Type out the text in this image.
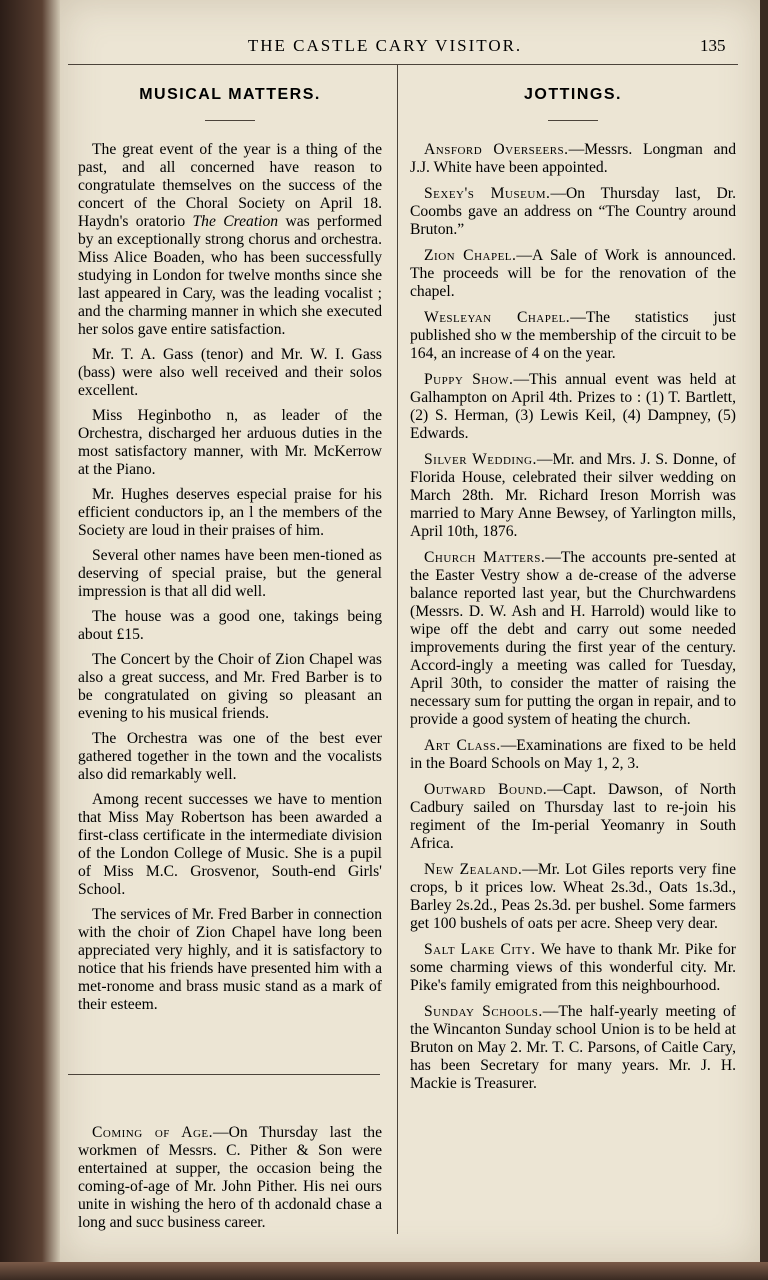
THE CASTLE CARY VISITOR.	135
MUSICAL MATTERS.

The great event of the year is a thing of the past, and all concerned have reason to congratulate themselves on the success of the concert of the Choral Society on April 18. Haydn's oratorio The Creation was performed by an exceptionally strong chorus and orchestra. Miss Alice Boaden, who has been successfully studying in London for twelve months since she last appeared in Cary, was the leading vocalist ; and the charming manner in which she executed her solos gave entire satisfaction.

Mr. T. A. Gass (tenor) and Mr. W. I. Gass (bass) were also well received and their solos excellent.

Miss Heginbotho n, as leader of the Orchestra, discharged her arduous duties in the most satisfactory manner, with Mr. McKerrow at the Piano.

Mr. Hughes deserves especial praise for his efficient conductors ip, an l the members of the Society are loud in their praises of him.

Several other names have been men-tioned as deserving of special praise, but the general impression is that all did well.

The house was a good one, takings being about £15.

The Concert by the Choir of Zion Chapel was also a great success, and Mr. Fred Barber is to be congratulated on giving so pleasant an evening to his musical friends.

The Orchestra was one of the best ever gathered together in the town and the vocalists also did remarkably well.

Among recent successes we have to mention that Miss May Robertson has been awarded a first-class certificate in the intermediate division of the London College of Music. She is a pupil of Miss M.C. Grosvenor, South-end Girls' School.

The services of Mr. Fred Barber in connection with the choir of Zion Chapel have long been appreciated very highly, and it is satisfactory to notice that his friends have presented him with a met-ronome and brass music stand as a mark of their esteem.

Coming of Age.—On Thursday last the workmen of Messrs. C. Pither & Son were entertained at supper, the occasion being the coming-of-age of Mr. John Pither. His nei ours unite in wishing the hero of th acdonald chase a long and succ business career.

JOTTINGS.

Ansford Overseers.—Messrs. Longman and J.J. White have been appointed.

Sexey's Museum.—On Thursday last, Dr. Coombs gave an address on “The Country around Bruton.”

Zion Chapel.—A Sale of Work is announced. The proceeds will be for the renovation of the chapel.

Wesleyan Chapel.—The statistics just published sho w the membership of the circuit to be 164, an increase of 4 on the year.

Puppy Show.—This annual event was held at Galhampton on April 4th. Prizes to : (1) T. Bartlett, (2) S. Herman, (3) Lewis Keil, (4) Dampney, (5) Edwards.

Silver Wedding.—Mr. and Mrs. J. S. Donne, of Florida House, celebrated their silver wedding on March 28th. Mr. Richard Ireson Morrish was married to Mary Anne Bewsey, of Yarlington mills, April 10th, 1876.

Church Matters.—The accounts pre-sented at the Easter Vestry show a de-crease of the adverse balance reported last year, but the Churchwardens (Messrs. D. W. Ash and H. Harrold) would like to wipe off the debt and carry out some needed improvements during the first year of the century. Accord-ingly a meeting was called for Tuesday, April 30th, to consider the matter of raising the necessary sum for putting the organ in repair, and to provide a good system of heating the church.

Art Class.—Examinations are fixed to be held in the Board Schools on May 1, 2, 3.

Outward Bound.—Capt. Dawson, of North Cadbury sailed on Thursday last to re-join his regiment of the Im-perial Yeomanry in South Africa.

New Zealand.—Mr. Lot Giles reports very fine crops, b it prices low. Wheat 2s.3d., Oats 1s.3d., Barley 2s.2d., Peas 2s.3d. per bushel. Some farmers get 100 bushels of oats per acre. Sheep very dear.

Salt Lake City. We have to thank Mr. Pike for some charming views of this wonderful city. Mr. Pike's family emigrated from this neighbourhood.

Sunday Schools.—The half-yearly meeting of the Wincanton Sunday school Union is to be held at Bruton on May 2. Mr. T. C. Parsons, of Caitle Cary, has been Secretary for many years. Mr. J. H. Mackie is Treasurer.
